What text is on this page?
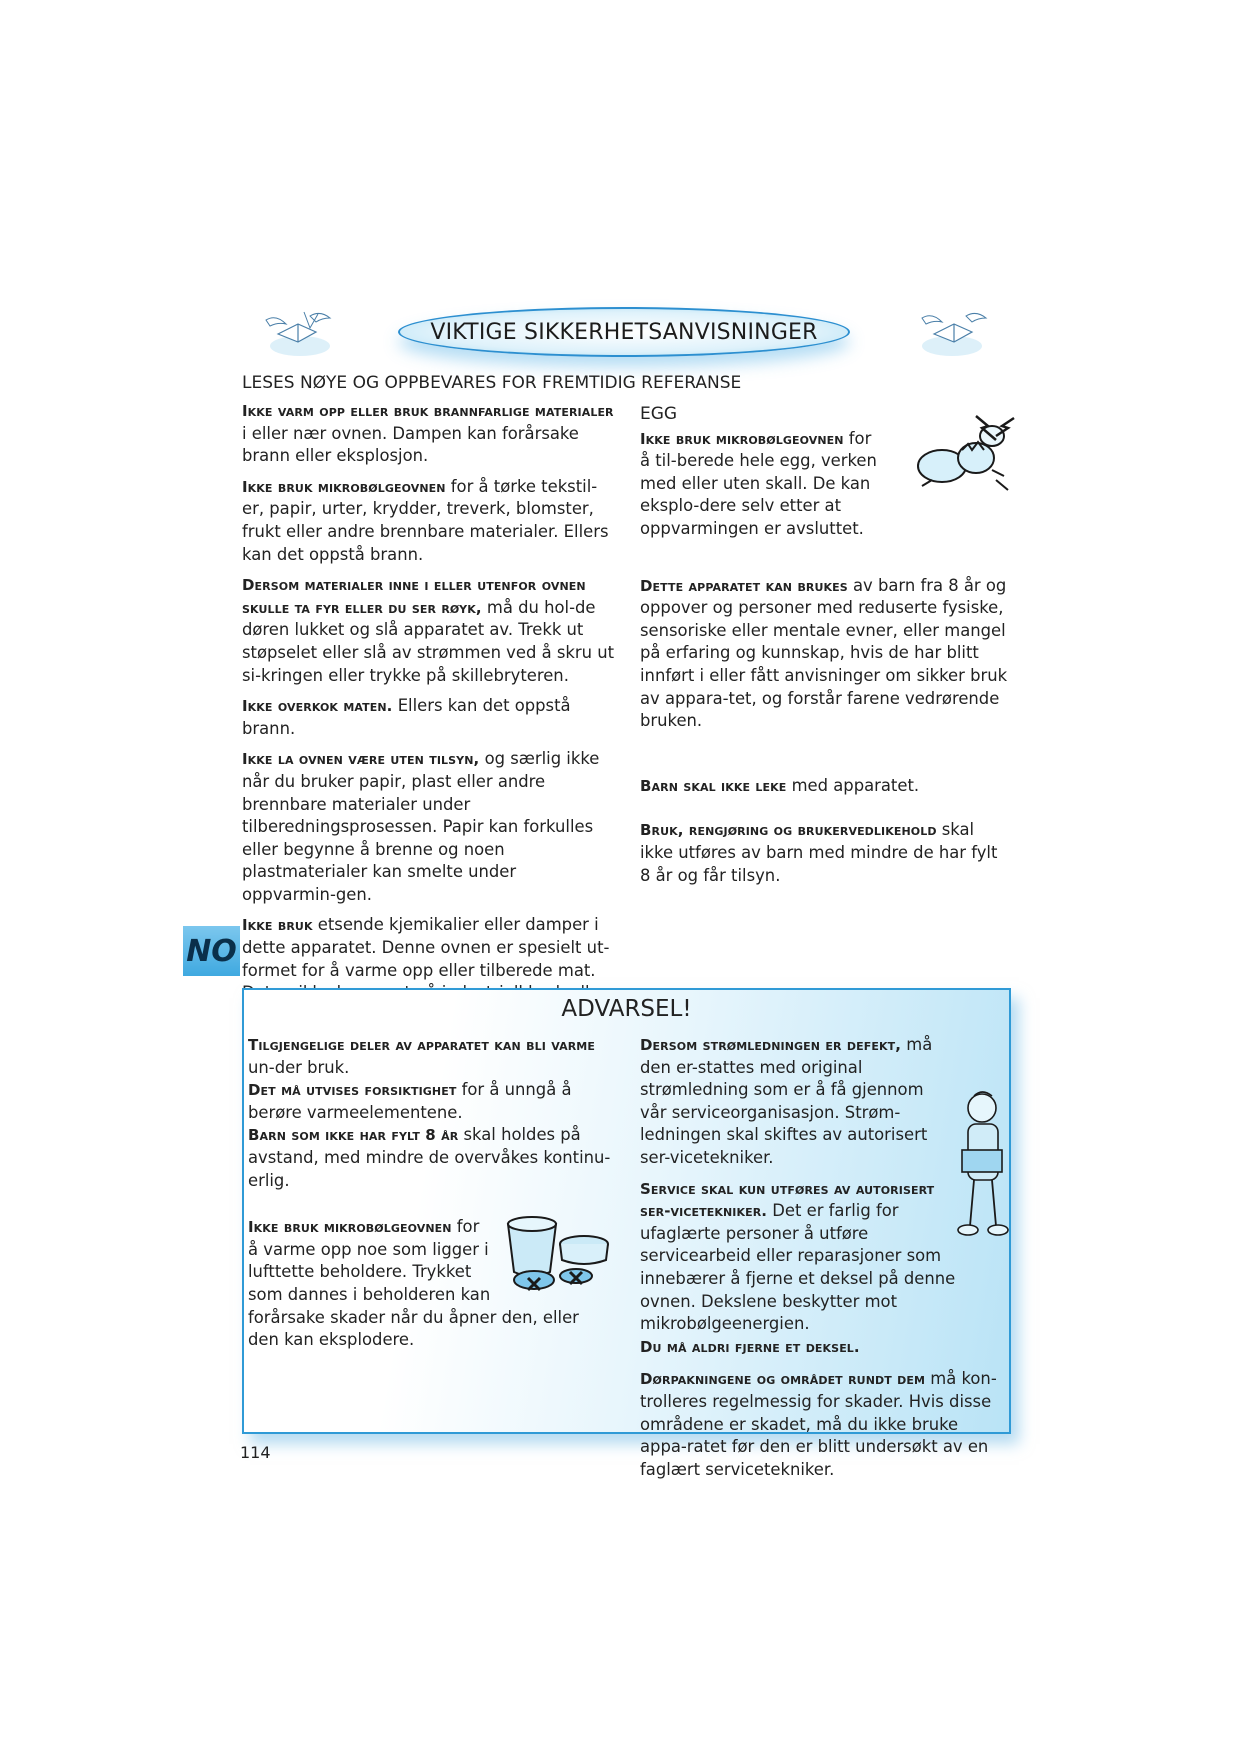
VIKTIGE SIKKERHETSANVISNINGER
LESES NØYE OG OPPBEVARES FOR FREMTIDIG REFERANSE

Ikke varm opp eller bruk brannfarlige materialer i eller nær ovnen. Dampen kan forårsake brann eller eksplosjon.

Ikke bruk mikrobølgeovnen for å tørke tekstil-er, papir, urter, krydder, treverk, blomster, frukt eller andre brennbare materialer. Ellers kan det oppstå brann.

Dersom materialer inne i eller utenfor ovnen skulle ta fyr eller du ser røyk, må du hol-de døren lukket og slå apparatet av. Trekk ut støpselet eller slå av strømmen ved å skru ut si-kringen eller trykke på skillebryteren.

Ikke overkok maten. Ellers kan det oppstå brann.

Ikke la ovnen være uten tilsyn, og særlig ikke når du bruker papir, plast eller andre brennbare materialer under tilberedningsprosessen. Papir kan forkulles eller begynne å brenne og noen plastmaterialer kan smelte under oppvarmin-gen.

Ikke bruk etsende kjemikalier eller damper i dette apparatet. Denne ovnen er spesielt ut-formet for å varme opp eller tilberede mat.

NO
EGG

Ikke bruk mikrobølgeovnen for å til-berede hele egg, verken med eller uten skall. De kan eksplo-dere selv etter at oppvarmingen er avsluttet.

Dette apparatet kan brukes av barn fra 8 år og oppover og personer med reduserte fysiske, sensoriske eller mentale evner, eller mangel på erfaring og kunnskap, hvis de har blitt innført i eller fått anvisninger om sikker bruk av appara-tet, og forstår farene vedrørende bruken.

Barn skal ikke leke med apparatet.

Bruk, rengjøring og brukervedlikehold skal ikke utføres av barn med mindre de har fylt 8 år og får tilsyn.

ADVARSEL!
Tilgjengelige deler av apparatet kan bli varme un-der bruk.
Det må utvises forsiktighet for å unngå å berøre varmeelementene.
Barn som ikke har fylt 8 år skal holdes på avstand, med mindre de overvåkes kontinu-erlig.
Ikke bruk mikrobølgeovnen for å varme opp noe som ligger i lufttette beholdere. Trykket som dannes i beholderen kan forårsake skader når du åpner den, eller den kan eksplodere.
Dersom strømledningen er defekt, må den er-stattes med original strømledning som er å få gjennom vår serviceorganisasjon. Strøm-ledningen skal skiftes av autorisert ser-vicetekniker.
Service skal kun utføres av autorisert ser-vicetekniker. Det er farlig for ufaglærte personer å utføre servicearbeid eller reparasjoner som innebærer å fjerne et deksel på denne ovnen. Dekslene beskytter mot mikrobølgeenergien.
Du må aldri fjerne et deksel.
Dørpakningene og området rundt dem må kon-trolleres regelmessig for skader. Hvis disse områdene er skadet, må du ikke bruke appa-ratet før den er blitt undersøkt av en faglært servicetekniker.
114
